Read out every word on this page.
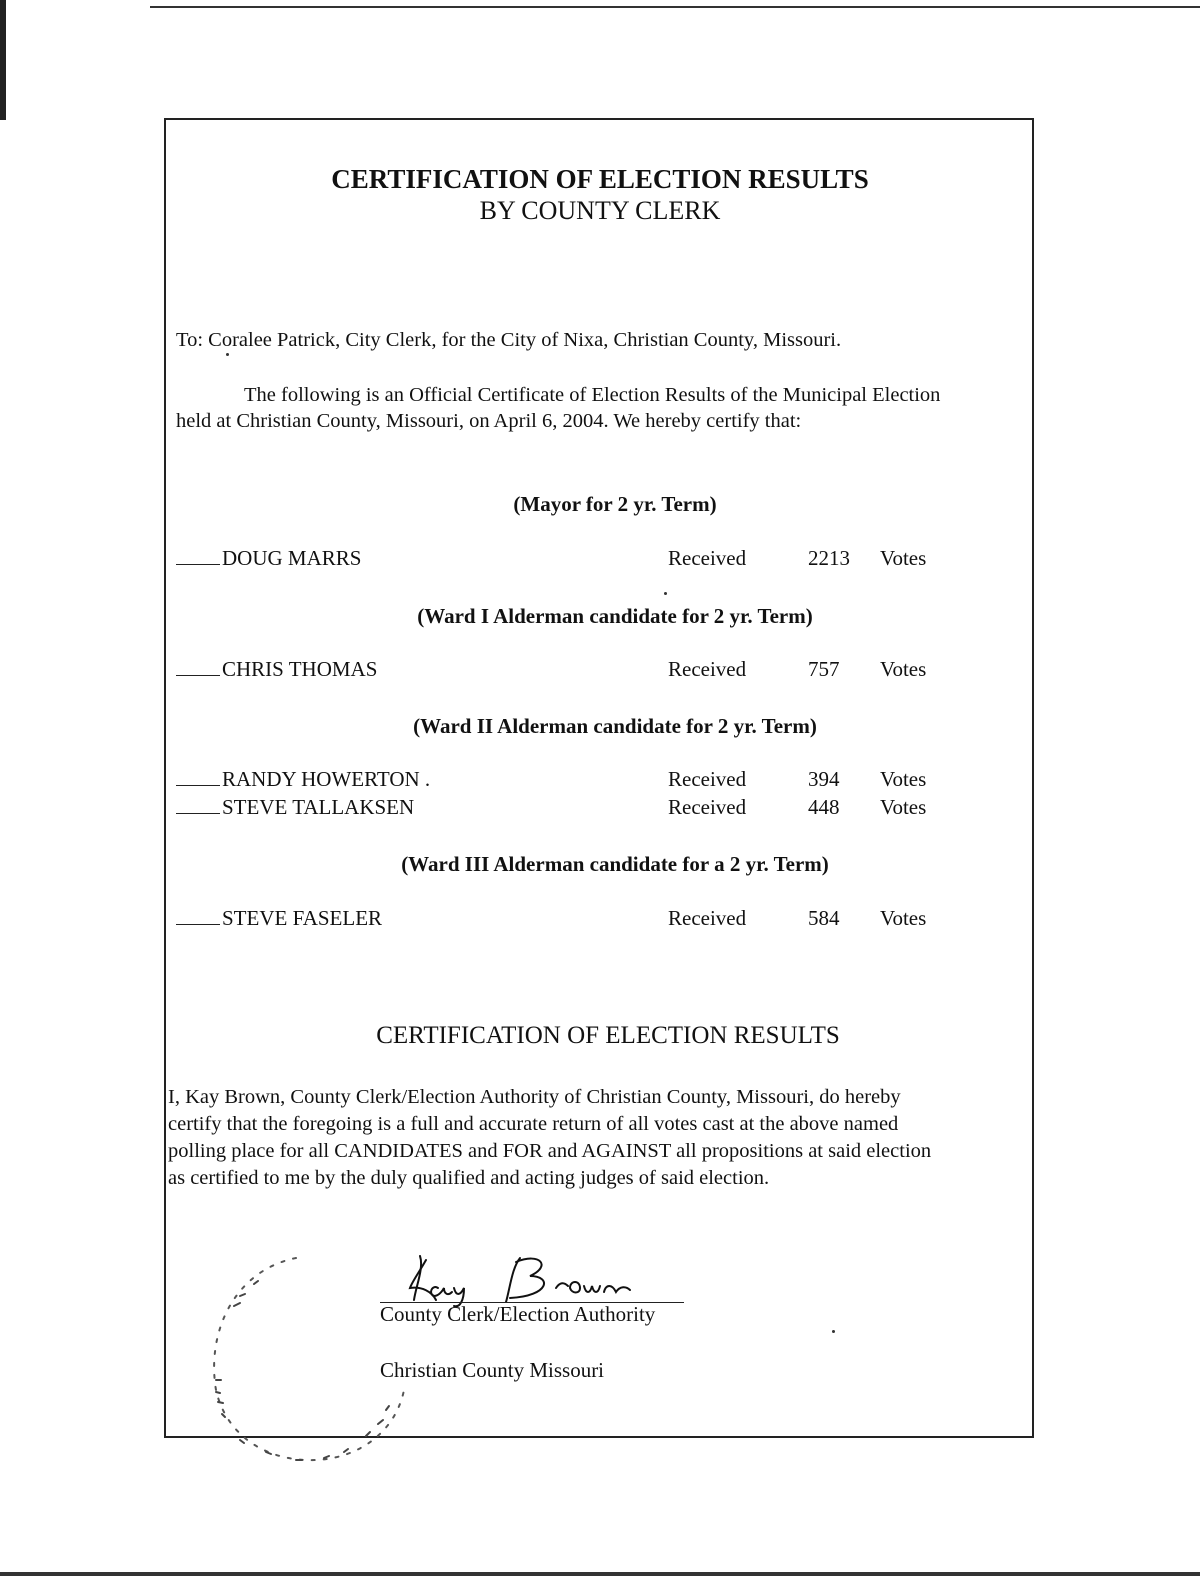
CERTIFICATION OF ELECTION RESULTS
BY COUNTY CLERK
To: Coralee Patrick, City Clerk, for the City of Nixa, Christian County, Missouri.
The following is an Official Certificate of Election Results of the Municipal Election
held at Christian County, Missouri, on April 6, 2004. We hereby certify that:
(Mayor for 2 yr. Term)
DOUG MARRS	Received	2213 Votes
(Ward I Alderman candidate for 2 yr. Term)
CHRIS THOMAS	Received	757 Votes
(Ward II Alderman candidate for 2 yr. Term)
RANDY HOWERTON .	Received	394 Votes
STEVE TALLAKSEN	Received	448 Votes
(Ward III Alderman candidate for a 2 yr. Term)
STEVE FASELER	Received	584 Votes
CERTIFICATION OF ELECTION RESULTS
I, Kay Brown, County Clerk/Election Authority of Christian County, Missouri, do hereby
certify that the foregoing is a full and accurate return of all votes cast at the above named
polling place for all CANDIDATES and FOR and AGAINST all propositions at said election
as certified to me by the duly qualified and acting judges of said election.
County Clerk/Election Authority
Christian County Missouri
